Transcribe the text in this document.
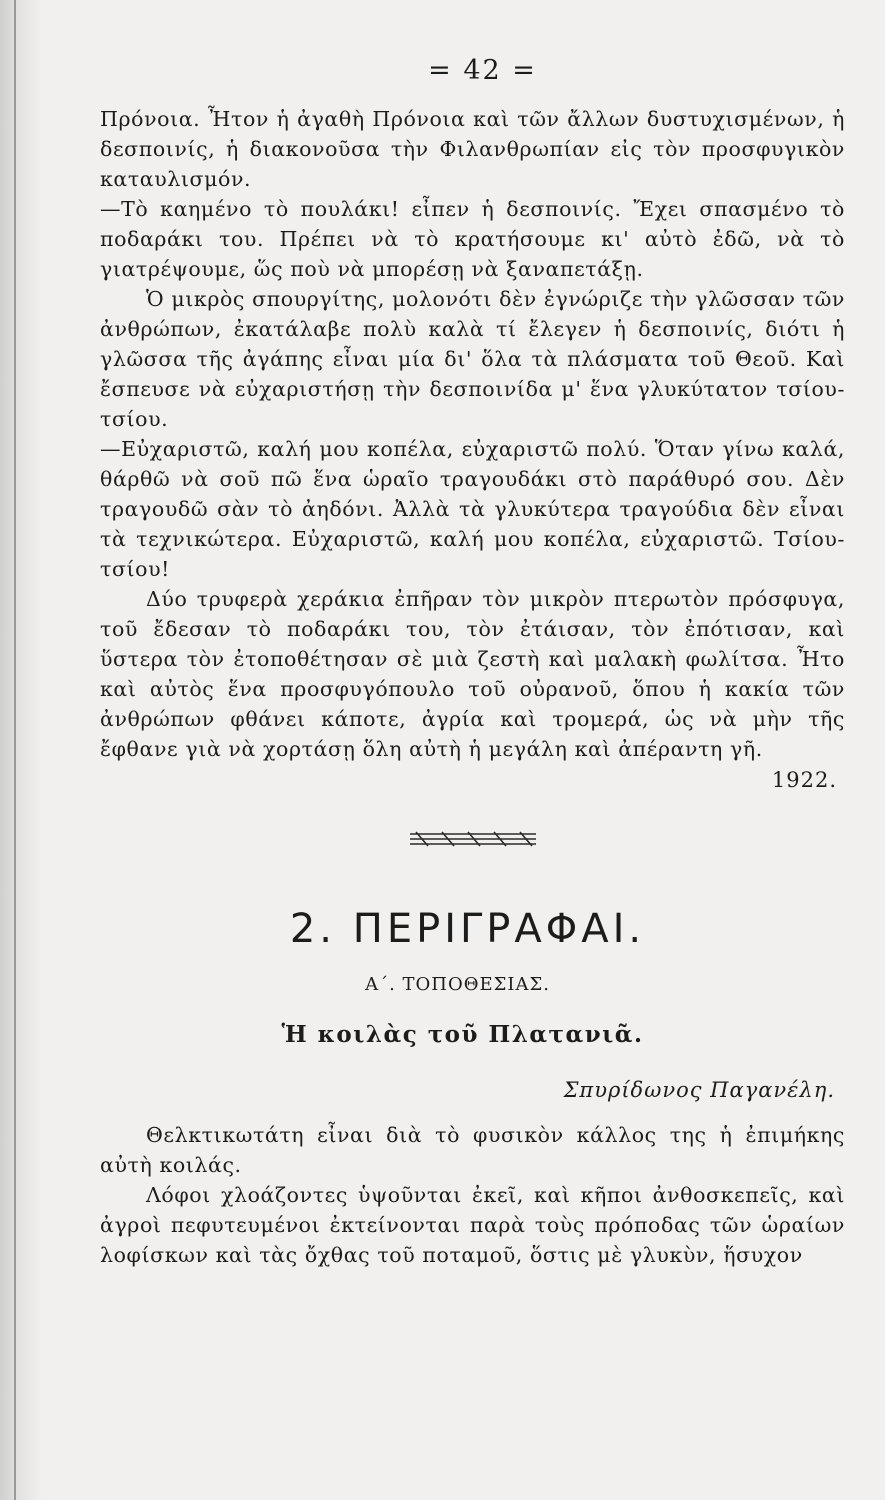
= 42 =

Πρόνοια. Ἦτον ἡ ἀγαθὴ Πρόνοια καὶ τῶν ἄλλων δυστυχισμένων, ἡ δεσποινίς, ἡ διακονοῦσα τὴν Φιλανθρωπίαν εἰς τὸν προσφυγικὸν καταυλισμόν.

—Τὸ καημένο τὸ πουλάκι! εἶπεν ἡ δεσποινίς. Ἔχει σπασμένο τὸ ποδαράκι του. Πρέπει νὰ τὸ κρατήσουμε κι' αὐτὸ ἐδῶ, νὰ τὸ γιατρέψουμε, ὥς ποὺ νὰ μπορέσῃ νὰ ξαναπετάξῃ.

Ὁ μικρὸς σπουργίτης, μολονότι δὲν ἐγνώριζε τὴν γλῶσσαν τῶν ἀνθρώπων, ἐκατάλαβε πολὺ καλὰ τί ἔλεγεν ἡ δεσποινίς, διότι ἡ γλῶσσα τῆς ἀγάπης εἶναι μία δι' ὅλα τὰ πλάσματα τοῦ Θεοῦ. Καὶ ἔσπευσε νὰ εὐχαριστήσῃ τὴν δεσποινίδα μ' ἕνα γλυκύτατον τσίου-τσίου.

—Εὐχαριστῶ, καλή μου κοπέλα, εὐχαριστῶ πολύ. Ὅταν γίνω καλά, θάρθῶ νὰ σοῦ πῶ ἕνα ὡραῖο τραγουδάκι στὸ παράθυρό σου. Δὲν τραγουδῶ σὰν τὸ ἀηδόνι. Ἀλλὰ τὰ γλυκύτερα τραγούδια δὲν εἶναι τὰ τεχνικώτερα. Εὐχαριστῶ, καλή μου κοπέλα, εὐχαριστῶ. Τσίου-τσίου!

Δύο τρυφερὰ χεράκια ἐπῆραν τὸν μικρὸν πτερωτὸν πρόσφυγα, τοῦ ἔδεσαν τὸ ποδαράκι του, τὸν ἐτάισαν, τὸν ἐπότισαν, καὶ ὕστερα τὸν ἐτοποθέτησαν σὲ μιὰ ζεστὴ καὶ μαλακὴ φωλίτσα. Ἦτο καὶ αὐτὸς ἕνα προσφυγόπουλο τοῦ οὐρανοῦ, ὅπου ἡ κακία τῶν ἀνθρώπων φθάνει κάποτε, ἀγρία καὶ τρομερά, ὡς νὰ μὴν τῆς ἔφθανε γιὰ νὰ χορτάσῃ ὅλη αὐτὴ ἡ μεγάλη καὶ ἀπέραντη γῆ.

1922.
2. ΠΕΡΙΓΡΑΦΑΙ.
Α΄. ΤΟΠΟΘΕΣΙΑΣ.
Ἡ κοιλὰς τοῦ Πλατανιᾶ.
Σπυρίδωνος Παγανέλη.

Θελκτικωτάτη εἶναι διὰ τὸ φυσικὸν κάλλος της ἡ ἐπιμήκης αὐτὴ κοιλάς.

Λόφοι χλοάζοντες ὑψοῦνται ἐκεῖ, καὶ κῆποι ἀνθοσκεπεῖς, καὶ ἀγροὶ πεφυτευμένοι ἐκτείνονται παρὰ τοὺς πρόποδας τῶν ὡραίων λοφίσκων καὶ τὰς ὄχθας τοῦ ποταμοῦ, ὅστις μὲ γλυκὺν, ἥσυχον
